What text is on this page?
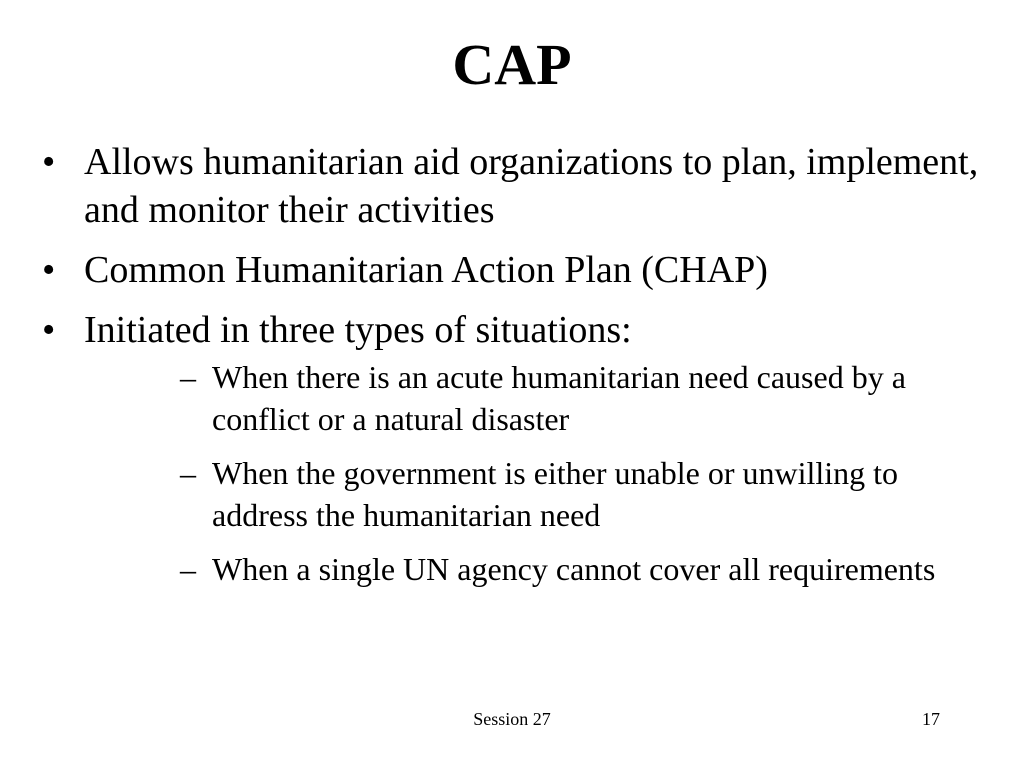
CAP
• Allows humanitarian aid organizations to plan, implement, and monitor their activities
• Common Humanitarian Action Plan (CHAP)
• Initiated in three types of situations:
– When there is an acute humanitarian need caused by a conflict or a natural disaster
– When the government is either unable or unwilling to address the humanitarian need
– When a single UN agency cannot cover all requirements
Session 27	17
